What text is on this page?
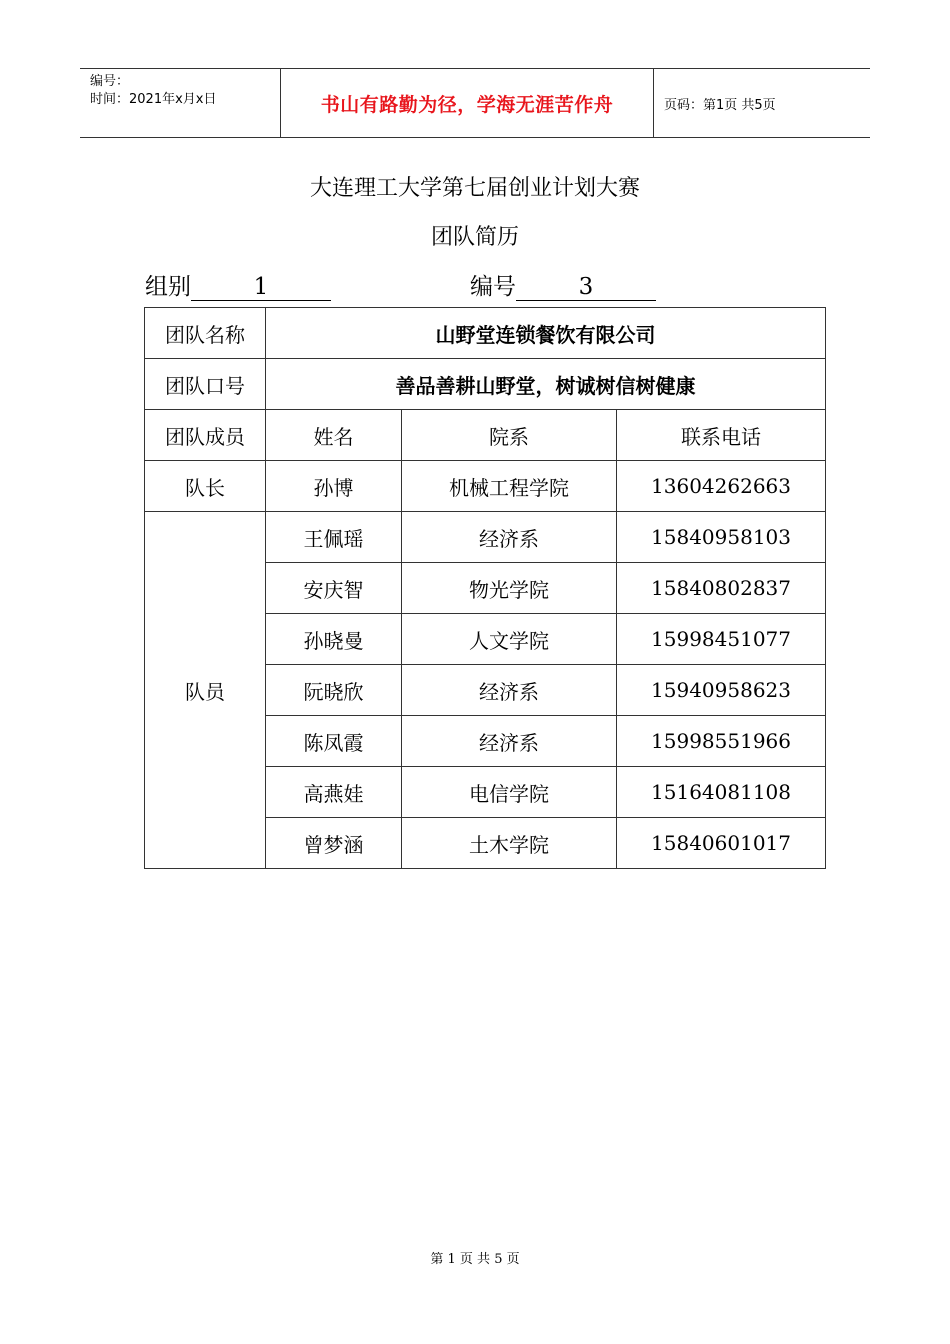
编号：
时间：2021年x月x日	书山有路勤为径，学海无涯苦作舟	页码：第1页 共5页
大连理工大学第七届创业计划大赛
团队简历
组别	1	编号	3
团队名称	山野堂连锁餐饮有限公司		
团队口号	善品善耕山野堂，树诚树信树健康		
团队成员	姓名	院系	联系电话
队长	孙博	机械工程学院	13604262663
队员	王佩瑶	经济系	15840958103
	安庆智	物光学院	15840802837
	孙晓曼	人文学院	15998451077
	阮晓欣	经济系	15940958623
	陈凤霞	经济系	15998551966
	高燕娃	电信学院	15164081108
	曾梦涵	土木学院	15840601017
第 1 页 共 5 页
